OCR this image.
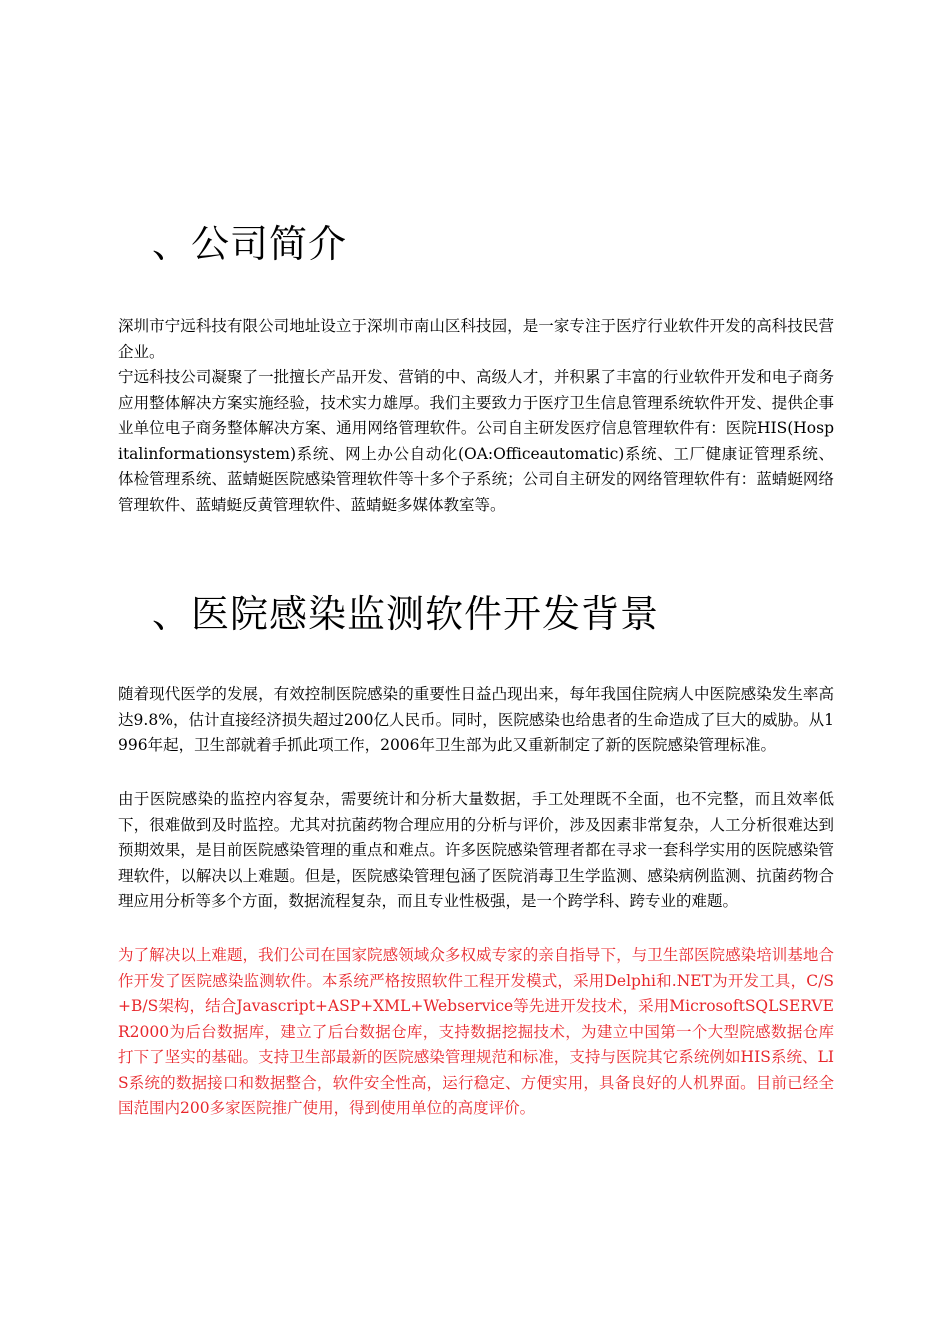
、公司简介

深圳市宁远科技有限公司地址设立于深圳市南山区科技园，是一家专注于医疗行业软件开发的高科技民营企业。

宁远科技公司凝聚了一批擅长产品开发、营销的中、高级人才，并积累了丰富的行业软件开发和电子商务应用整体解决方案实施经验，技术实力雄厚。我们主要致力于医疗卫生信息管理系统软件开发、提供企事业单位电子商务整体解决方案、通用网络管理软件。公司自主研发医疗信息管理软件有：医院HIS(Hospitalinformationsystem)系统、网上办公自动化(OA:Officeautomatic)系统、工厂健康证管理系统、体检管理系统、蓝蜻蜓医院感染管理软件等十多个子系统；公司自主研发的网络管理软件有：蓝蜻蜓网络管理软件、蓝蜻蜓反黄管理软件、蓝蜻蜓多媒体教室等。

、医院感染监测软件开发背景

随着现代医学的发展，有效控制医院感染的重要性日益凸现出来，每年我国住院病人中医院感染发生率高达9.8%，估计直接经济损失超过200亿人民币。同时，医院感染也给患者的生命造成了巨大的威胁。从1996年起，卫生部就着手抓此项工作，2006年卫生部为此又重新制定了新的医院感染管理标准。

由于医院感染的监控内容复杂，需要统计和分析大量数据，手工处理既不全面，也不完整，而且效率低下，很难做到及时监控。尤其对抗菌药物合理应用的分析与评价，涉及因素非常复杂，人工分析很难达到预期效果，是目前医院感染管理的重点和难点。许多医院感染管理者都在寻求一套科学实用的医院感染管理软件，以解决以上难题。但是，医院感染管理包涵了医院消毒卫生学监测、感染病例监测、抗菌药物合理应用分析等多个方面，数据流程复杂，而且专业性极强，是一个跨学科、跨专业的难题。

为了解决以上难题，我们公司在国家院感领域众多权威专家的亲自指导下，与卫生部医院感染培训基地合作开发了医院感染监测软件。本系统严格按照软件工程开发模式，采用Delphi和.NET为开发工具，C/S+B/S架构，结合Javascript+ASP+XML+Webservice等先进开发技术，采用MicrosoftSQLSERVER2000为后台数据库，建立了后台数据仓库，支持数据挖掘技术，为建立中国第一个大型院感数据仓库打下了坚实的基础。支持卫生部最新的医院感染管理规范和标准，支持与医院其它系统例如HIS系统、LIS系统的数据接口和数据整合，软件安全性高，运行稳定、方便实用，具备良好的人机界面。目前已经全国范围内200多家医院推广使用，得到使用单位的高度评价。
